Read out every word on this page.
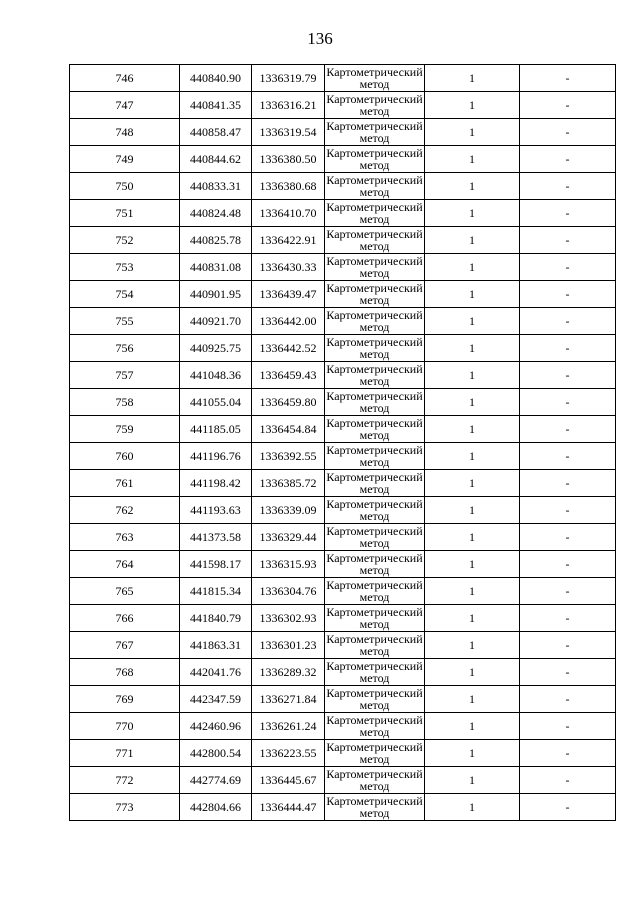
136
746	440840.90	1336319.79	Картометрический
метод	1	-
747	440841.35	1336316.21	Картометрический
метод	1	-
748	440858.47	1336319.54	Картометрический
метод	1	-
749	440844.62	1336380.50	Картометрический
метод	1	-
750	440833.31	1336380.68	Картометрический
метод	1	-
751	440824.48	1336410.70	Картометрический
метод	1	-
752	440825.78	1336422.91	Картометрический
метод	1	-
753	440831.08	1336430.33	Картометрический
метод	1	-
754	440901.95	1336439.47	Картометрический
метод	1	-
755	440921.70	1336442.00	Картометрический
метод	1	-
756	440925.75	1336442.52	Картометрический
метод	1	-
757	441048.36	1336459.43	Картометрический
метод	1	-
758	441055.04	1336459.80	Картометрический
метод	1	-
759	441185.05	1336454.84	Картометрический
метод	1	-
760	441196.76	1336392.55	Картометрический
метод	1	-
761	441198.42	1336385.72	Картометрический
метод	1	-
762	441193.63	1336339.09	Картометрический
метод	1	-
763	441373.58	1336329.44	Картометрический
метод	1	-
764	441598.17	1336315.93	Картометрический
метод	1	-
765	441815.34	1336304.76	Картометрический
метод	1	-
766	441840.79	1336302.93	Картометрический
метод	1	-
767	441863.31	1336301.23	Картометрический
метод	1	-
768	442041.76	1336289.32	Картометрический
метод	1	-
769	442347.59	1336271.84	Картометрический
метод	1	-
770	442460.96	1336261.24	Картометрический
метод	1	-
771	442800.54	1336223.55	Картометрический
метод	1	-
772	442774.69	1336445.67	Картометрический
метод	1	-
773	442804.66	1336444.47	Картометрический
метод	1	-
